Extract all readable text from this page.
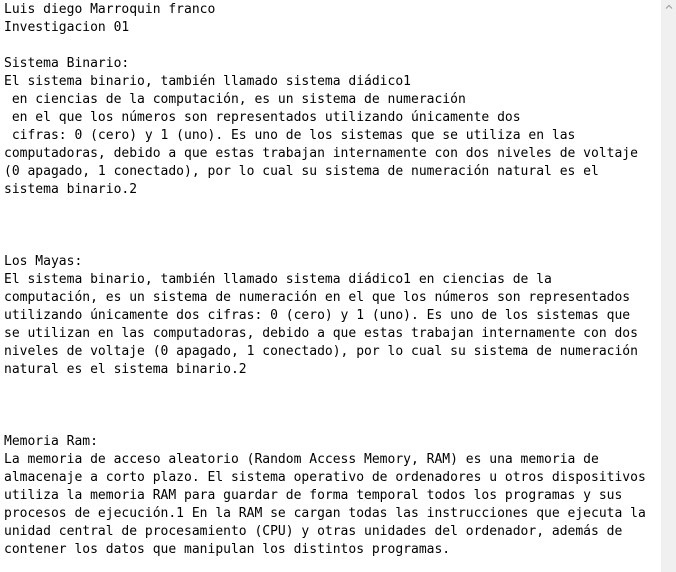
Luis diego Marroquin franco
Investigacion 01
Sistema Binario:
El sistema binario, también llamado sistema diádico1
en ciencias de la computación, es un sistema de numeración
en el que los números son representados utilizando únicamente dos
cifras: 0 (cero) y 1 (uno). Es uno de los sistemas que se utiliza en las
computadoras, debido a que estas trabajan internamente con dos niveles de voltaje
(0 apagado, 1 conectado), por lo cual su sistema de numeración natural es el
sistema binario.2
Los Mayas:
El sistema binario, también llamado sistema diádico1 en ciencias de la
computación, es un sistema de numeración en el que los números son representados
utilizando únicamente dos cifras: 0 (cero) y 1 (uno). Es uno de los sistemas que
se utilizan en las computadoras, debido a que estas trabajan internamente con dos
niveles de voltaje (0 apagado, 1 conectado), por lo cual su sistema de numeración
natural es el sistema binario.2
Memoria Ram:
La memoria de acceso aleatorio (Random Access Memory, RAM) es una memoria de
almacenaje a corto plazo. El sistema operativo de ordenadores u otros dispositivos
utiliza la memoria RAM para guardar de forma temporal todos los programas y sus
procesos de ejecución.1 En la RAM se cargan todas las instrucciones que ejecuta la
unidad central de procesamiento (CPU) y otras unidades del ordenador, además de
contener los datos que manipulan los distintos programas.
